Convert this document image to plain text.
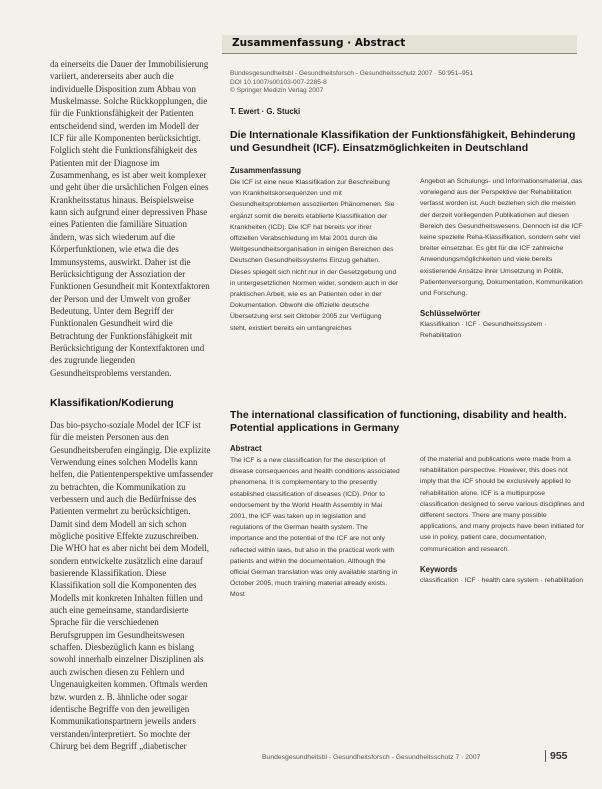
Zusammenfassung · Abstract

da einerseits die Dauer der Immobilisierung variiert, andererseits aber auch die individuelle Disposition zum Abbau von Muskelmasse. Solche Rückkopplungen, die für die Funktionsfähigkeit der Patienten entscheidend sind, werden im Modell der ICF für alle Komponenten berücksichtigt. Folglich steht die Funktionsfähigkeit des Patienten mit der Diagnose im Zusammenhang, es ist aber weit komplexer und geht über die ursächlichen Folgen eines Krankheitsstatus hinaus. Beispielsweise kann sich aufgrund einer depressiven Phase eines Patienten die familiäre Situation ändern, was sich wiederum auf die Körperfunktionen, wie etwa die des Immunsystems, auswirkt. Daher ist die Berücksichtigung der Assoziation der Funktionen Gesundheit mit Kontextfaktoren der Person und der Umwelt von großer Bedeutung. Unter dem Begriff der Funktionalen Gesundheit wird die Betrachtung der Funktionsfähigkeit mit Berücksichtigung der Kontextfaktoren und des zugrunde liegenden Gesundheitsproblems verstanden.

Klassifikation/Kodierung

Das bio-psycho-soziale Model der ICF ist für die meisten Personen aus den Gesundheitsberufen eingängig. Die explizite Verwendung eines solchen Modells kann helfen, die Patientenperspektive umfassender zu betrachten, die Kommunikation zu verbessern und auch die Bedürfnisse des Patienten vermehrt zu berücksichtigen. Damit sind dem Modell an sich schon mögliche positive Effekte zuzuschreiben. Die WHO hat es aber nicht bei dem Modell, sondern entwickelte zusätzlich eine darauf basierende Klassifikation. Diese Klassifikation soll die Komponenten des Modells mit konkreten Inhalten füllen und auch eine gemeinsame, standardisierte Sprache für die verschiedenen Berufsgruppen im Gesundheitswesen schaffen. Diesbezüglich kann es bislang sowohl innerhalb einzelner Disziplinen als auch zwischen diesen zu Fehlern und Ungenauigkeiten kommen. Oftmals werden bzw. wurden z. B. ähnliche oder sogar identische Begriffe von den jeweiligen Kommunikationspartnern jeweils anders verstanden/interpretiert. So mochte der Chirurg bei dem Begriff „diabetischer

Bundesgesundheitsbl - Gesundheitsforsch - Gesundheitsschutz 2007 · 50:951–951
DOI 10.1007/s00103-007-2285-8
© Springer Medizin Verlag 2007
T. Ewert · G. Stucki
Die Internationale Klassifikation der Funktionsfähigkeit, Behinderung und Gesundheit (ICF). Einsatzmöglichkeiten in Deutschland
Zusammenfassung

Die ICF ist eine neue Klassifikation zur Beschreibung von Krankheitskorsequenzen und mit Gesundheitsproblemen assoziierten Phänomenen. Sie ergänzt somit die bereits etablierte Klassifikation der Krankheiten (ICD). Die ICF hat bereits vor ihrer offiziellen Verabschiedung im Mai 2001 durch die Weltgesundheitsorganisation in einigen Bereichen des Deutschen Gesundheitssystems Einzug gehalten. Dieses spiegelt sich nicht nur in der Gesetzgebung und in untergesetzlichen Normen wider, sondern auch in der praktischen Arbeit, wie es an Patienten oder in der Dokumentation. Obwohl die offizielle deutsche Übersetzung erst seit Oktober 2005 zur Verfügung steht, existiert bereits ein umfangreiches

Angebot an Schulungs- und Informationsmaterial, das vorwiegend aus der Perspektive der Rehabilitation verfasst worden ist. Auch beziehen sich die meisten der derzeit vorliegenden Publikationen auf diesen Bereich des Gesundheitswesens. Dennoch ist die ICF keine spezielle Reha-Klassifikation, sondern sehr viel breiter einsetzbar. Es gibt für die ICF zahlreiche Anwendungsmöglichkeiten und viele bereits existierende Ansätze ihrer Umsetzung in Politik, Patientenversorgung, Dokumentation, Kommunikation und Forschung.

Schlüsselwörter

Klassifikation · ICF · Gesundheitssystem · Rehabilitation

The international classification of functioning, disability and health. Potential applications in Germany
Abstract

The ICF is a new classification for the description of disease consequences and health conditions associated phenomena. It is complementary to the presently established classification of diseases (ICD). Prior to endorsement by the World Health Assembly in Mai 2001, the ICF was taken up in legislation and regulations of the German health system. The importance and the potential of the ICF are not only reflected within laws, but also in the practical work with patients and within the documentation. Although the official German translation was only available starting in October 2005, much training material already exists. Most

of the material and publications were made from a rehabilitation perspective. However, this does not imply that the ICF should be exclusively applied to rehabilitation alone. ICF is a multipurpose classification designed to serve various disciplines and different sectors. There are many possible applications, and many projects have been initiated for use in policy, patient care, documentation, communication and research.

Keywords

classification · ICF · health care system · rehabilitation

Bundesgesundheitsbl - Gesundheitsforsch - Gesundheitsschutz 7 · 2007	955
